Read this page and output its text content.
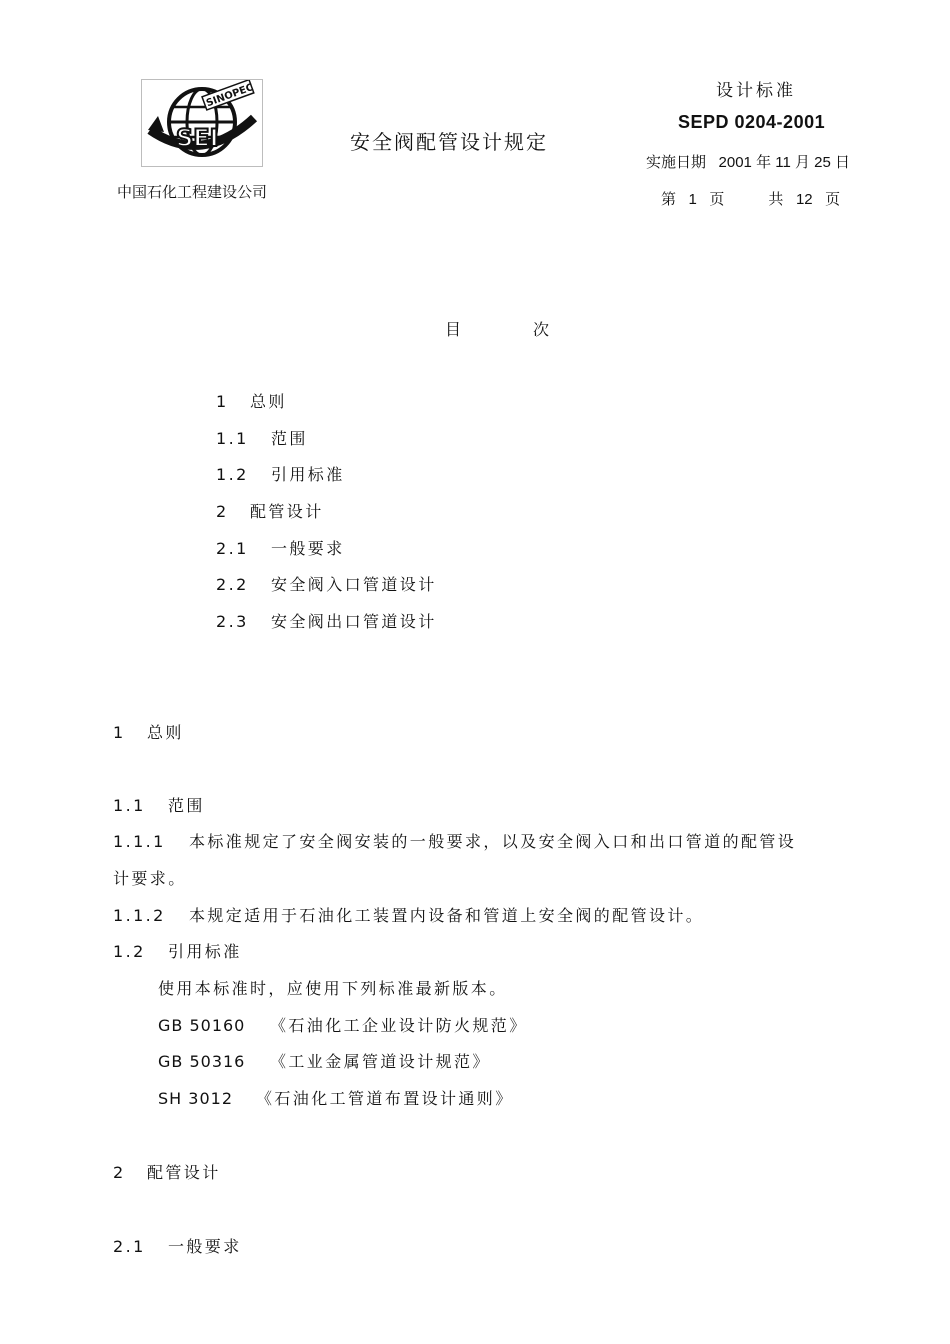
SEI
SINOPEC
中国石化工程建设公司
安全阀配管设计规定
设计标准
SEPD 0204-2001
实施日期 2001 年 11 月 25 日
第 1 页	共 12 页
目	次
1 总则
1.1 范围
1.2 引用标准
2 配管设计
2.1 一般要求
2.2 安全阀入口管道设计
2.3 安全阀出口管道设计
1 总则
1.1 范围
1.1.1 本标准规定了安全阀安装的一般要求，以及安全阀入口和出口管道的配管设
计要求。
1.1.2 本规定适用于石油化工装置内设备和管道上安全阀的配管设计。
1.2 引用标准
使用本标准时，应使用下列标准最新版本。
GB 50160 《石油化工企业设计防火规范》
GB 50316 《工业金属管道设计规范》
SH 3012 《石油化工管道布置设计通则》
2 配管设计
2.1 一般要求
